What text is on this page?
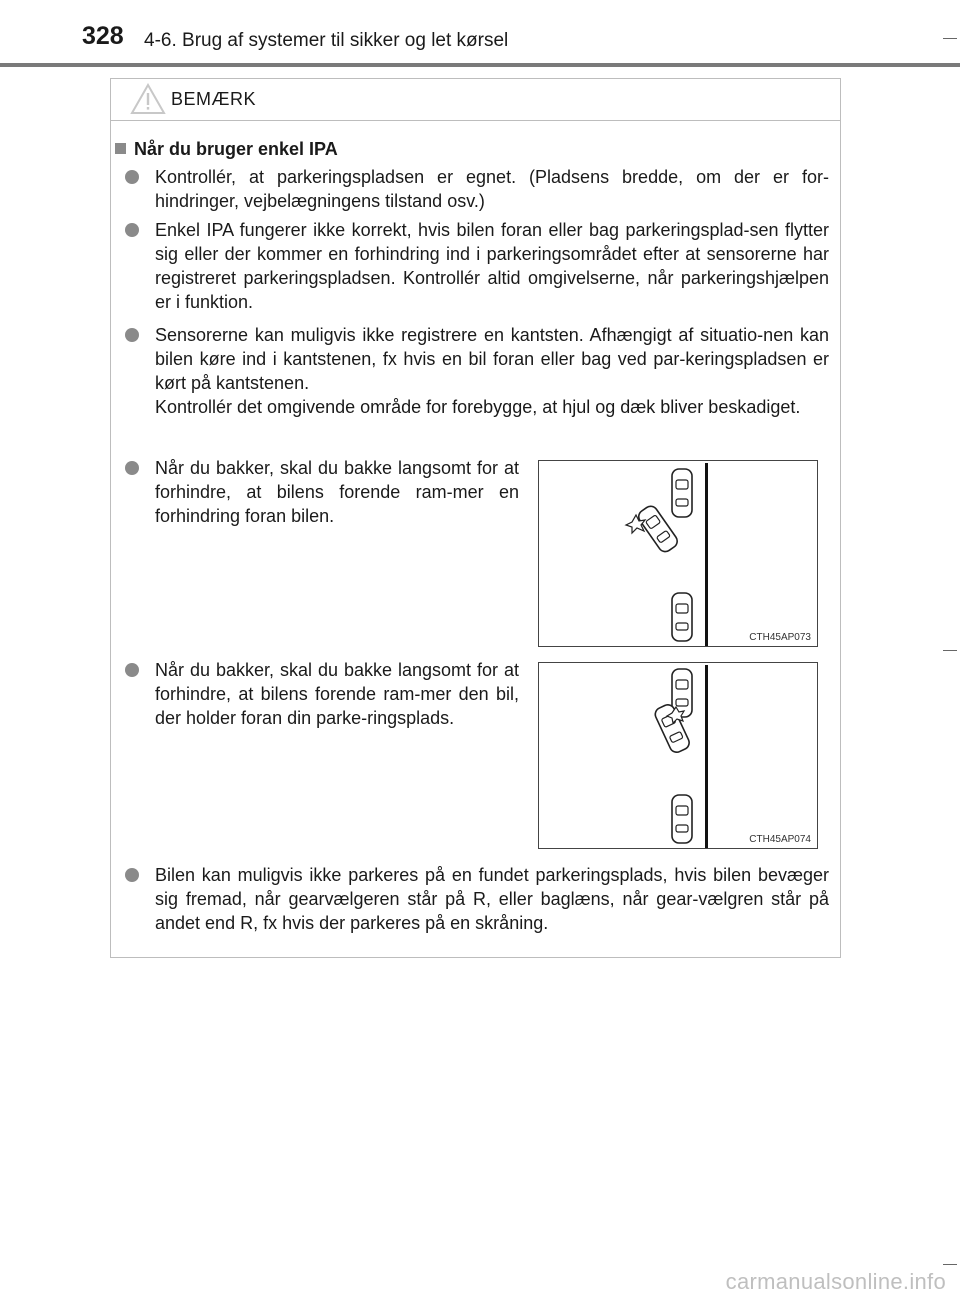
328 4-6. Brug af systemer til sikker og let kørsel
BEMÆRK
Når du bruger enkel IPA
Kontrollér, at parkeringspladsen er egnet. (Pladsens bredde, om der er for-hindringer, vejbelægningens tilstand osv.)
Enkel IPA fungerer ikke korrekt, hvis bilen foran eller bag parkeringsplad-sen flytter sig eller der kommer en forhindring ind i parkeringsområdet efter at sensorerne har registreret parkeringspladsen. Kontrollér altid omgivelserne, når parkeringshjælpen er i funktion.

Sensorerne kan muligvis ikke registrere en kantsten. Afhængigt af situatio-nen kan bilen køre ind i kantstenen, fx hvis en bil foran eller bag ved par-keringspladsen er kørt på kantstenen.

Kontrollér det omgivende område for forebygge, at hjul og dæk bliver beskadiget.

Når du bakker, skal du bakke langsomt for at forhindre, at bilens forende ram-mer en forhindring foran bilen.
Når du bakker, skal du bakke langsomt for at forhindre, at bilens forende ram-mer den bil, der holder foran din parke-ringsplads.
CTH45AP073
CTH45AP074
Bilen kan muligvis ikke parkeres på en fundet parkeringsplads, hvis bilen bevæger sig fremad, når gearvælgeren står på R, eller baglæns, når gear-vælgren står på andet end R, fx hvis der parkeres på en skråning.
carmanualsonline.info
